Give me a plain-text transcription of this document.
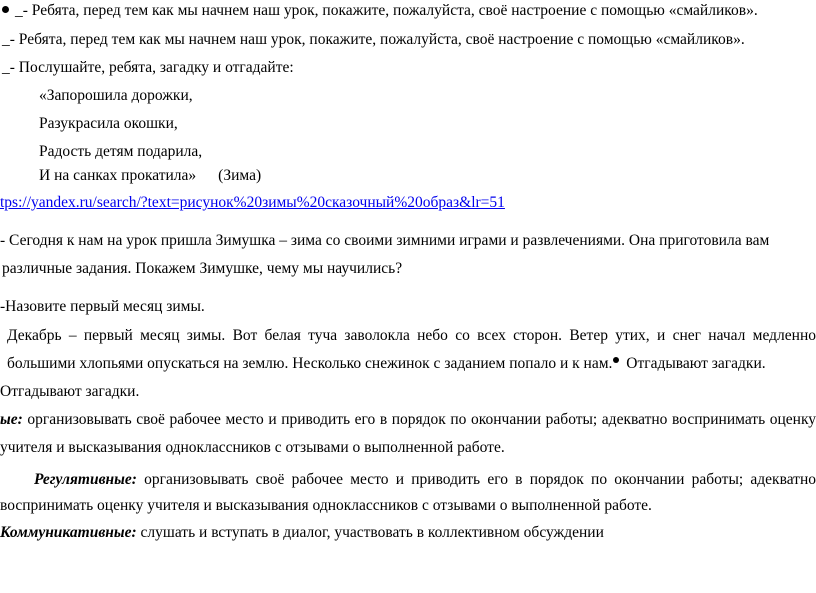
_- Ребята, перед тем как мы начнем наш урок, покажите, пожалуйста, своё настроение с помощью «смайликов».
_- Ребята, перед тем как мы начнем наш урок, покажите, пожалуйста, своё настроение с помощью «смайликов».
_- Послушайте, ребята, загадку и отгадайте:
«Запорошила дорожки,
Разукрасила окошки,
Радость детям подарила,
И на санках прокатила» (Зима)
tps://yandex.ru/search/?text=рисунок%20зимы%20сказочный%20образ&lr=51
- Сегодня к нам на урок пришла Зимушка – зима со своими зимними играми и развлечениями. Она приготовила вам
различные задания. Покажем Зимушке, чему мы научились?
-Назовите первый месяц зимы.
Декабрь – первый месяц зимы. Вот белая туча заволокла небо со всех сторон. Ветер утих, и снег начал медленно
большими хлопьями опускаться на землю. Несколько снежинок с заданием попало и к нам. Отгадывают загадки.
Отгадывают загадки.
ые: организовывать своё рабочее место и приводить его в порядок по окончании работы; адекватно воспринимать оценку
учителя и высказывания одноклассников с отзывами о выполненной работе.
Регулятивные: организовывать своё рабочее место и приводить его в порядок по окончании работы; адекватно
воспринимать оценку учителя и высказывания одноклассников с отзывами о выполненной работе.
Коммуникативные: слушать и вступать в диалог, участвовать в коллективном обсуждении
